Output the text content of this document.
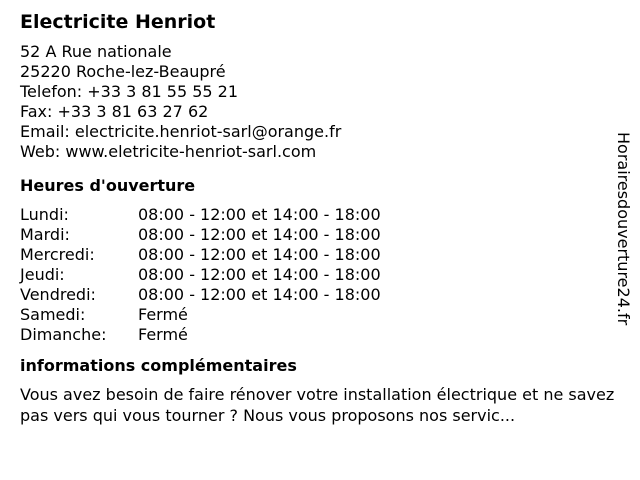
Electricite Henriot
52 A Rue nationale
25220 Roche-lez-Beaupré
Telefon: +33 3 81 55 55 21
Fax: +33 3 81 63 27 62
Email: electricite.henriot-sarl@orange.fr
Web: www.eletricite-henriot-sarl.com
Heures d'ouverture
Lundi:	08:00 - 12:00 et 14:00 - 18:00
Mardi:	08:00 - 12:00 et 14:00 - 18:00
Mercredi:	08:00 - 12:00 et 14:00 - 18:00
Jeudi:	08:00 - 12:00 et 14:00 - 18:00
Vendredi:	08:00 - 12:00 et 14:00 - 18:00
Samedi:	Fermé
Dimanche: Fermé
informations complémentaires
Vous avez besoin de faire rénover votre installation électrique et ne savez pas vers qui vous tourner ? Nous vous proposons nos servic...
Horairesdouverture24.fr
